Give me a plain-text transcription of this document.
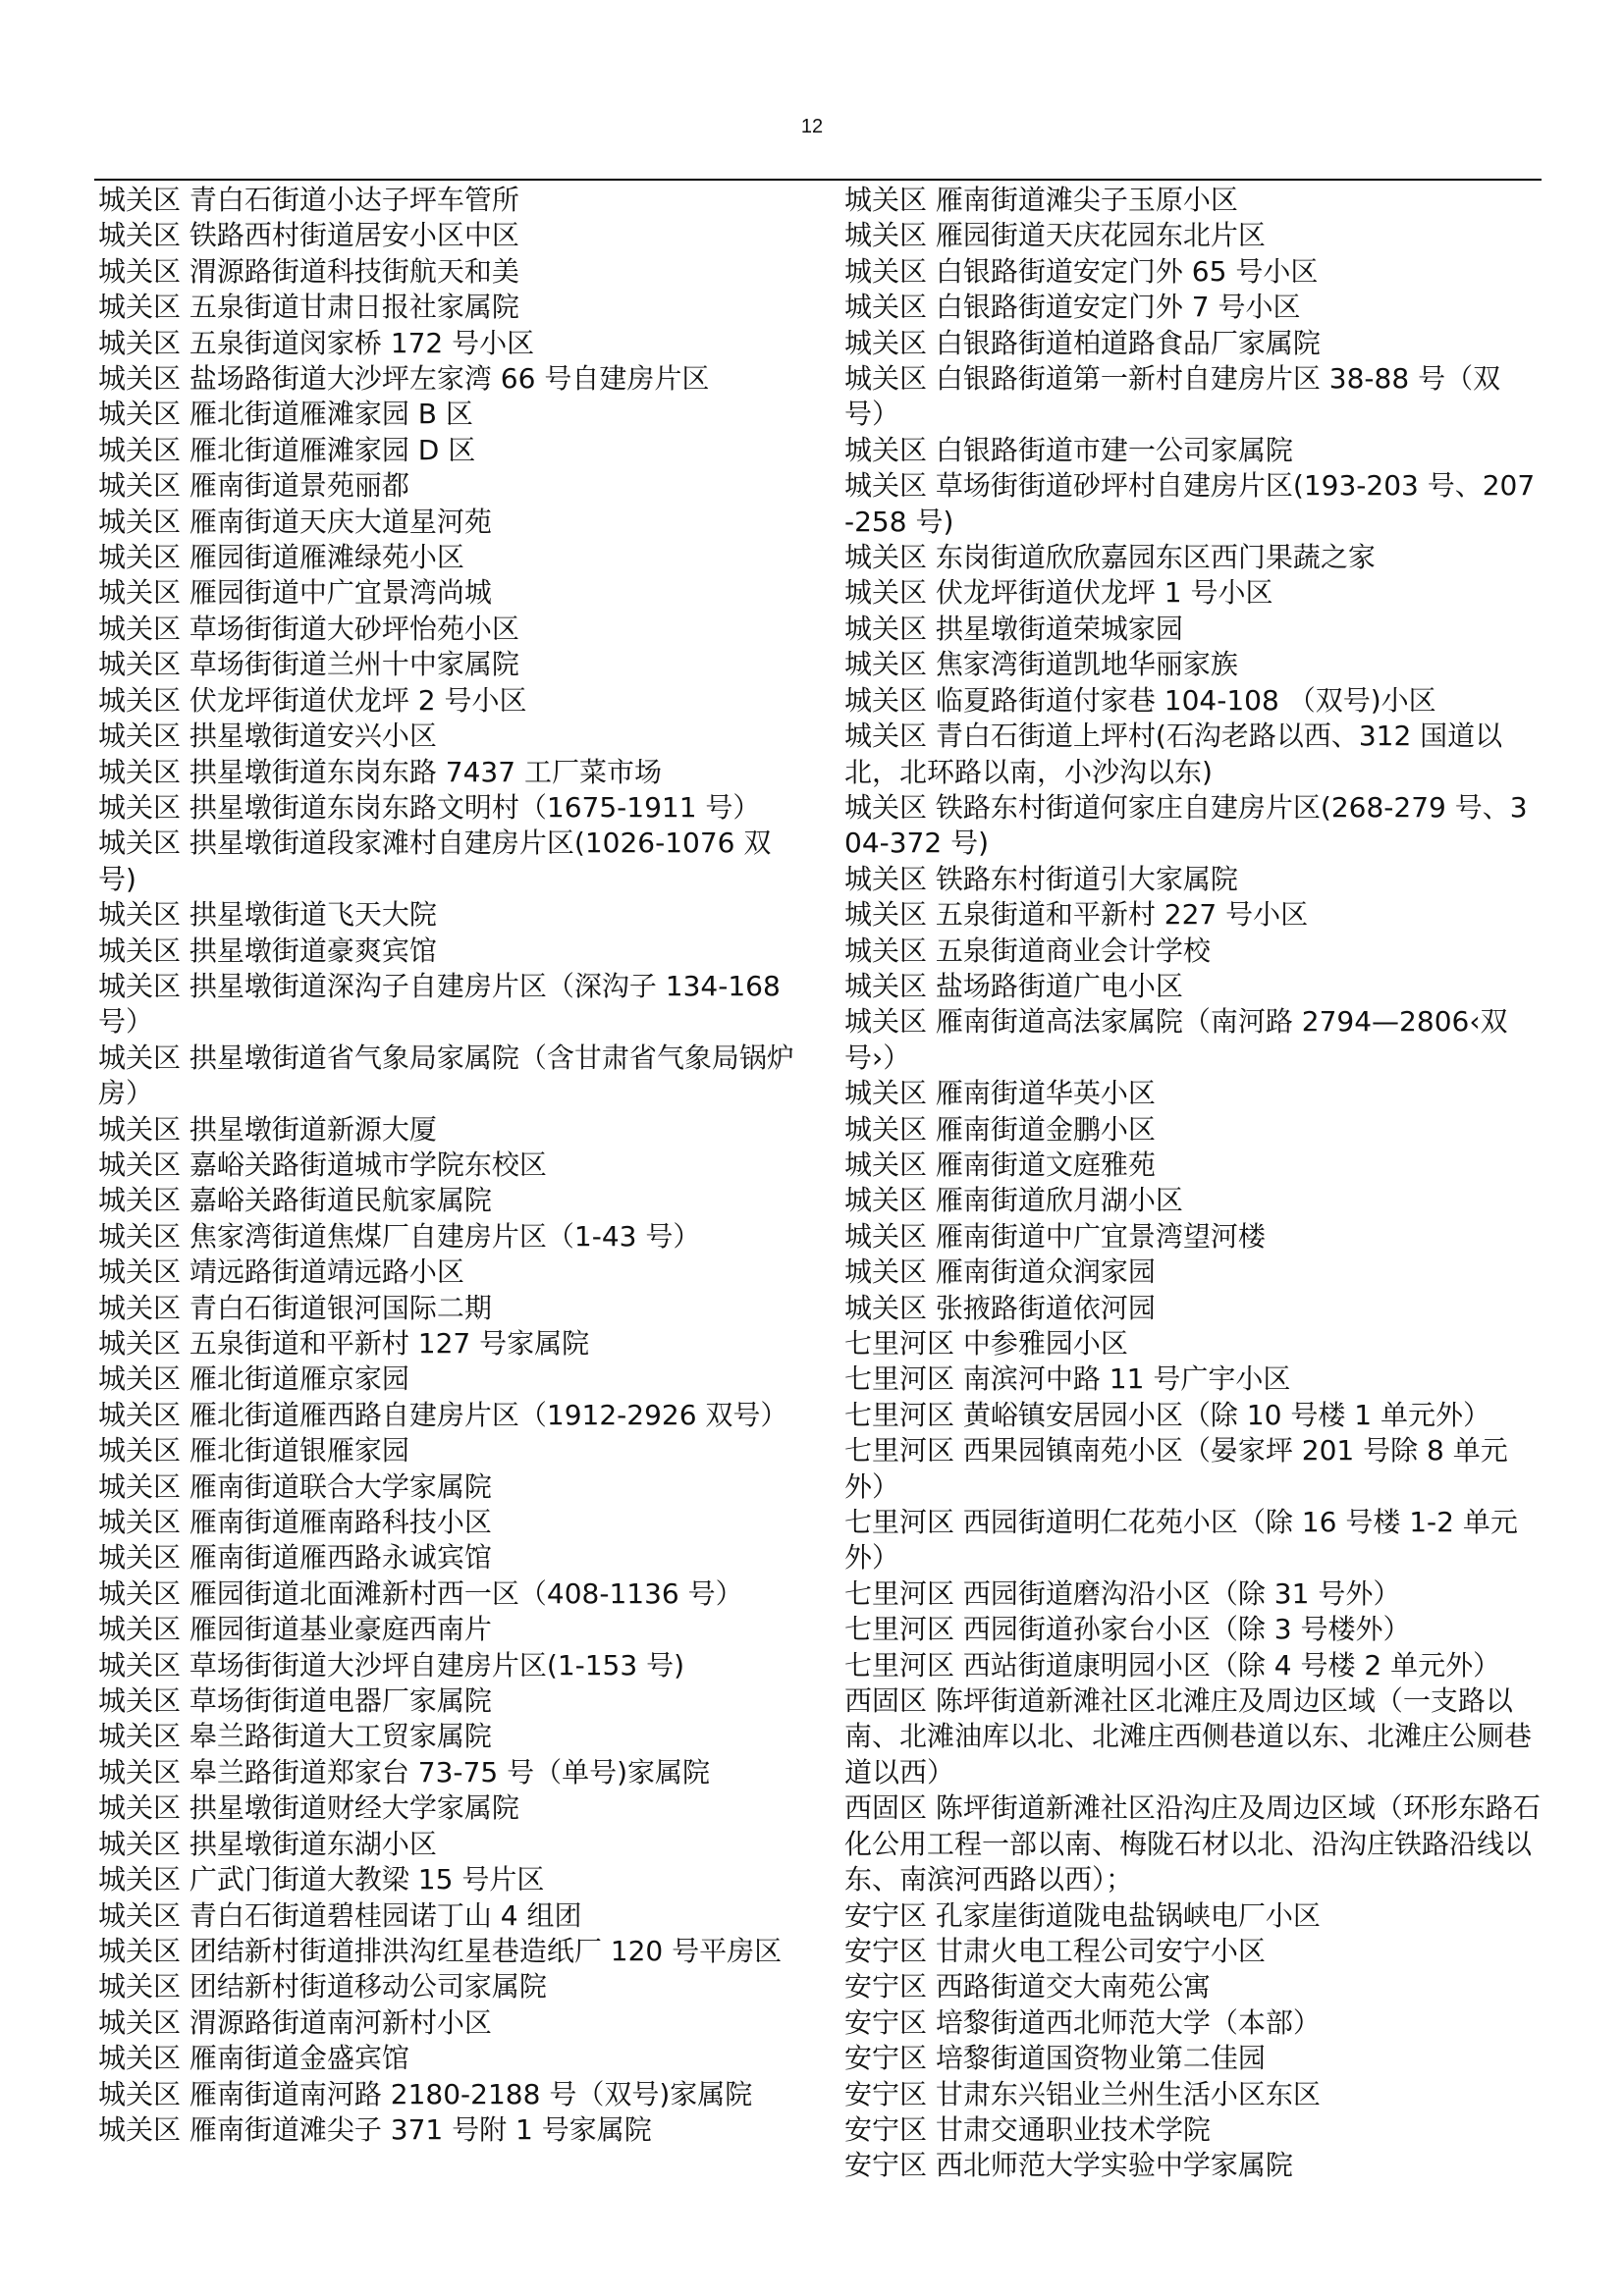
12
城关区 青白石街道小达子坪车管所
城关区 铁路西村街道居安小区中区
城关区 渭源路街道科技街航天和美
城关区 五泉街道甘肃日报社家属院
城关区 五泉街道闵家桥 172 号小区
城关区 盐场路街道大沙坪左家湾 66 号自建房片区
城关区 雁北街道雁滩家园 B 区
城关区 雁北街道雁滩家园 D 区
城关区 雁南街道景苑丽都
城关区 雁南街道天庆大道星河苑
城关区 雁园街道雁滩绿苑小区
城关区 雁园街道中广宜景湾尚城
城关区 草场街街道大砂坪怡苑小区
城关区 草场街街道兰州十中家属院
城关区 伏龙坪街道伏龙坪 2 号小区
城关区 拱星墩街道安兴小区
城关区 拱星墩街道东岗东路 7437 工厂菜市场
城关区 拱星墩街道东岗东路文明村（1675-1911 号）
城关区 拱星墩街道段家滩村自建房片区(1026-1076 双号)
城关区 拱星墩街道飞天大院
城关区 拱星墩街道豪爽宾馆
城关区 拱星墩街道深沟子自建房片区（深沟子 134-168 号）
城关区 拱星墩街道省气象局家属院（含甘肃省气象局锅炉房）
城关区 拱星墩街道新源大厦
城关区 嘉峪关路街道城市学院东校区
城关区 嘉峪关路街道民航家属院
城关区 焦家湾街道焦煤厂自建房片区（1-43 号）
城关区 靖远路街道靖远路小区
城关区 青白石街道银河国际二期
城关区 五泉街道和平新村 127 号家属院
城关区 雁北街道雁京家园
城关区 雁北街道雁西路自建房片区（1912-2926 双号）
城关区 雁北街道银雁家园
城关区 雁南街道联合大学家属院
城关区 雁南街道雁南路科技小区
城关区 雁南街道雁西路永诚宾馆
城关区 雁园街道北面滩新村西一区（408-1136 号）
城关区 雁园街道基业豪庭西南片
城关区 草场街街道大沙坪自建房片区(1-153 号)
城关区 草场街街道电器厂家属院
城关区 皋兰路街道大工贸家属院
城关区 皋兰路街道郑家台 73-75 号（单号)家属院
城关区 拱星墩街道财经大学家属院
城关区 拱星墩街道东湖小区
城关区 广武门街道大教梁 15 号片区
城关区 青白石街道碧桂园诺丁山 4 组团
城关区 团结新村街道排洪沟红星巷造纸厂 120 号平房区
城关区 团结新村街道移动公司家属院
城关区 渭源路街道南河新村小区
城关区 雁南街道金盛宾馆
城关区 雁南街道南河路 2180-2188 号（双号)家属院
城关区 雁南街道滩尖子 371 号附 1 号家属院
城关区 雁南街道滩尖子玉原小区
城关区 雁园街道天庆花园东北片区
城关区 白银路街道安定门外 65 号小区
城关区 白银路街道安定门外 7 号小区
城关区 白银路街道柏道路食品厂家属院
城关区 白银路街道第一新村自建房片区 38-88 号（双号）
城关区 白银路街道市建一公司家属院
城关区 草场街街道砂坪村自建房片区(193-203 号、207-258 号)
城关区 东岗街道欣欣嘉园东区西门果蔬之家
城关区 伏龙坪街道伏龙坪 1 号小区
城关区 拱星墩街道荣城家园
城关区 焦家湾街道凯地华丽家族
城关区 临夏路街道付家巷 104-108 （双号)小区
城关区 青白石街道上坪村(石沟老路以西、312 国道以北，北环路以南，小沙沟以东)
城关区 铁路东村街道何家庄自建房片区(268-279 号、304-372 号)
城关区 铁路东村街道引大家属院
城关区 五泉街道和平新村 227 号小区
城关区 五泉街道商业会计学校
城关区 盐场路街道广电小区
城关区 雁南街道高法家属院（南河路 2794—2806‹双号›）
城关区 雁南街道华英小区
城关区 雁南街道金鹏小区
城关区 雁南街道文庭雅苑
城关区 雁南街道欣月湖小区
城关区 雁南街道中广宜景湾望河楼
城关区 雁南街道众润家园
城关区 张掖路街道依河园
七里河区 中参雅园小区
七里河区 南滨河中路 11 号广宇小区
七里河区 黄峪镇安居园小区（除 10 号楼 1 单元外）
七里河区 西果园镇南苑小区（晏家坪 201 号除 8 单元外）
七里河区 西园街道明仁花苑小区（除 16 号楼 1-2 单元外）
七里河区 西园街道磨沟沿小区（除 31 号外）
七里河区 西园街道孙家台小区（除 3 号楼外）
七里河区 西站街道康明园小区（除 4 号楼 2 单元外）
西固区 陈坪街道新滩社区北滩庄及周边区域（一支路以南、北滩油库以北、北滩庄西侧巷道以东、北滩庄公厕巷道以西）
西固区 陈坪街道新滩社区沿沟庄及周边区域（环形东路石化公用工程一部以南、梅陇石材以北、沿沟庄铁路沿线以东、南滨河西路以西）；
安宁区 孔家崖街道陇电盐锅峡电厂小区
安宁区 甘肃火电工程公司安宁小区
安宁区 西路街道交大南苑公寓
安宁区 培黎街道西北师范大学（本部）
安宁区 培黎街道国资物业第二佳园
安宁区 甘肃东兴铝业兰州生活小区东区
安宁区 甘肃交通职业技术学院
安宁区 西北师范大学实验中学家属院
